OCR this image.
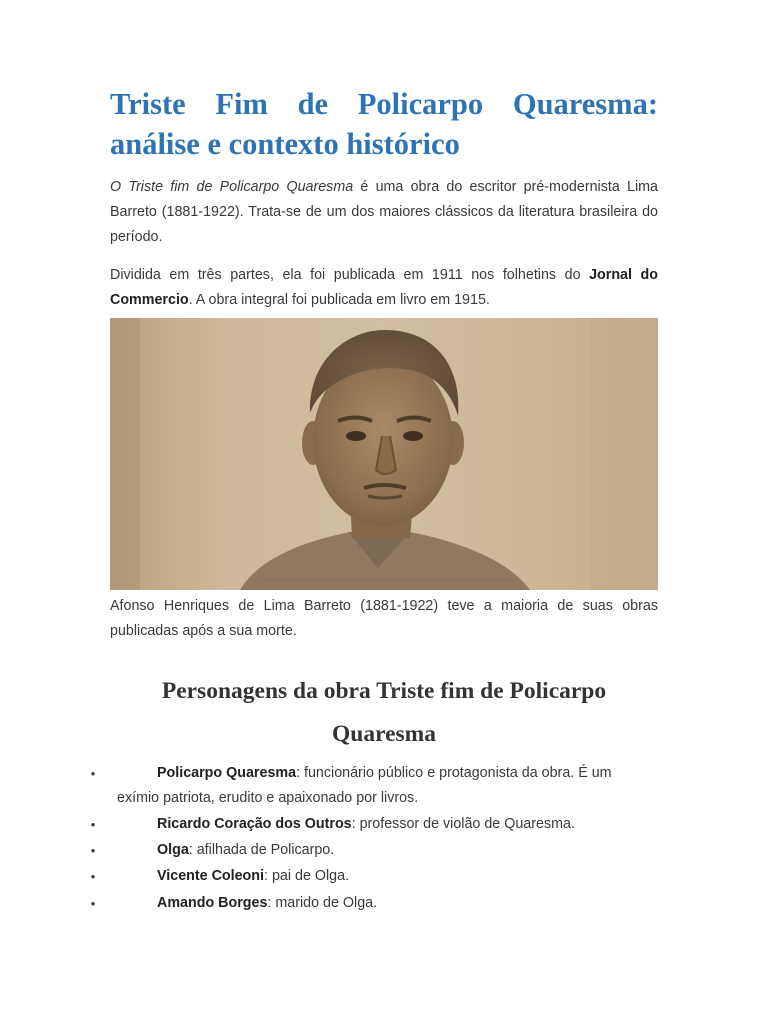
Triste Fim de Policarpo Quaresma: análise e contexto histórico

O Triste fim de Policarpo Quaresma é uma obra do escritor pré-modernista Lima Barreto (1881-1922). Trata-se de um dos maiores clássicos da literatura brasileira do período.

Dividida em três partes, ela foi publicada em 1911 nos folhetins do Jornal do Commercio. A obra integral foi publicada em livro em 1915.

Afonso Henriques de Lima Barreto (1881-1922) teve a maioria de suas obras publicadas após a sua morte.

Personagens da obra Triste fim de Policarpo Quaresma
•	Policarpo Quaresma: funcionário público e protagonista da obra. É um
exímio patriota, erudito e apaixonado por livros.
•	Ricardo Coração dos Outros: professor de violão de Quaresma.
•	Olga: afilhada de Policarpo.
•	Vicente Coleoni: pai de Olga.
•	Amando Borges: marido de Olga.
